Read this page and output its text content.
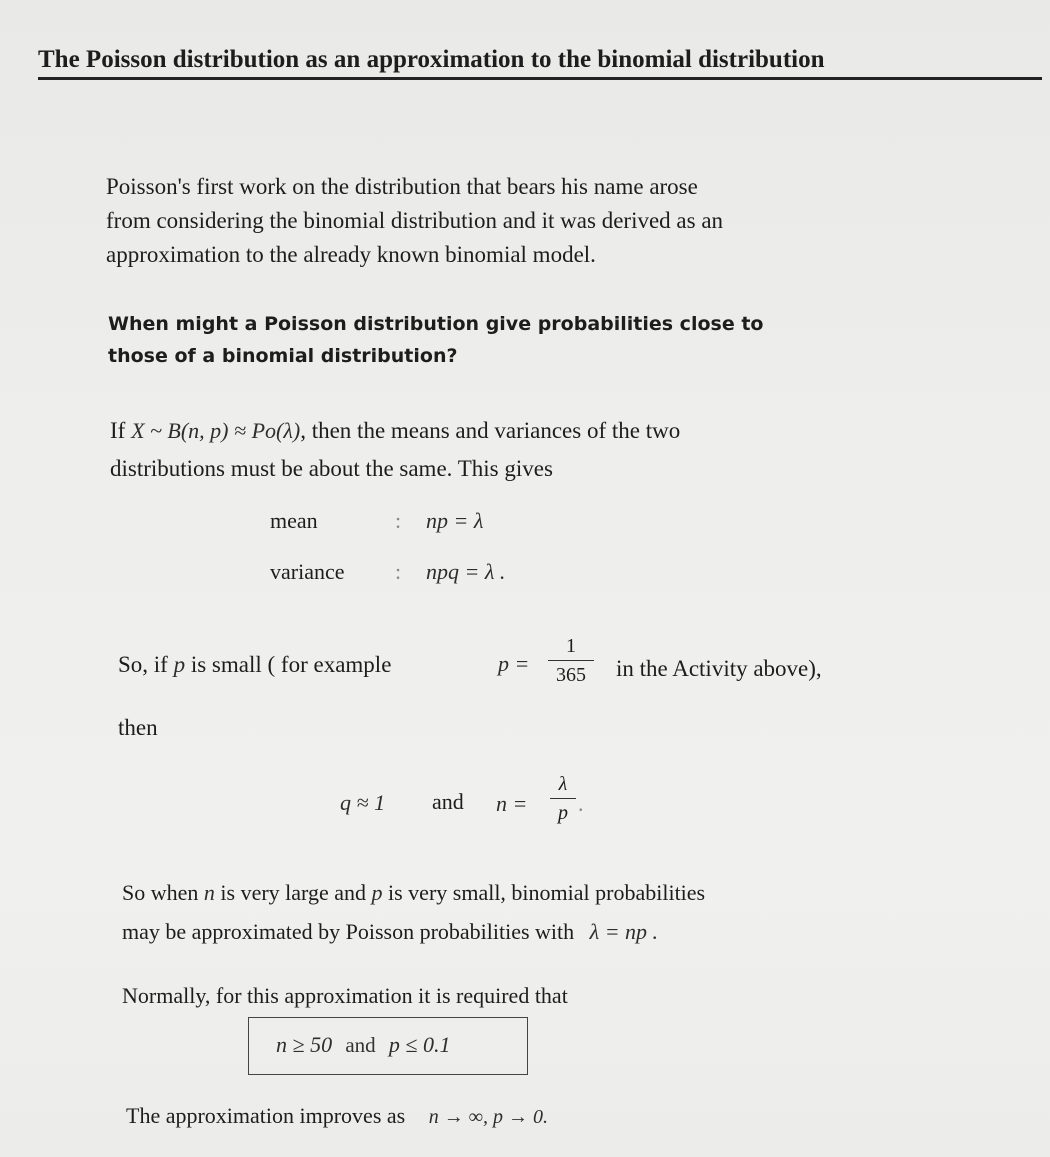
The Poisson distribution as an approximation to the binomial distribution
Poisson's first work on the distribution that bears his name arose
from considering the binomial distribution and it was derived as an
approximation to the already known binomial model.
When might a Poisson distribution give probabilities close to
those of a binomial distribution?
If X ~ B(n, p) ≈ Po(λ), then the means and variances of the two
distributions must be about the same. This gives
mean	: np = λ
variance : npq = λ .
So, if p is small ( for example	p =
1
365	in the Activity above),
then
q ≈ 1 and n =
λ
p .
So when n is very large and p is very small, binomial probabilities
may be approximated by Poisson probabilities with λ = np .
Normally, for this approximation it is required that
n ≥ 50 and p ≤ 0.1
The approximation improves as n → ∞, p → 0.
